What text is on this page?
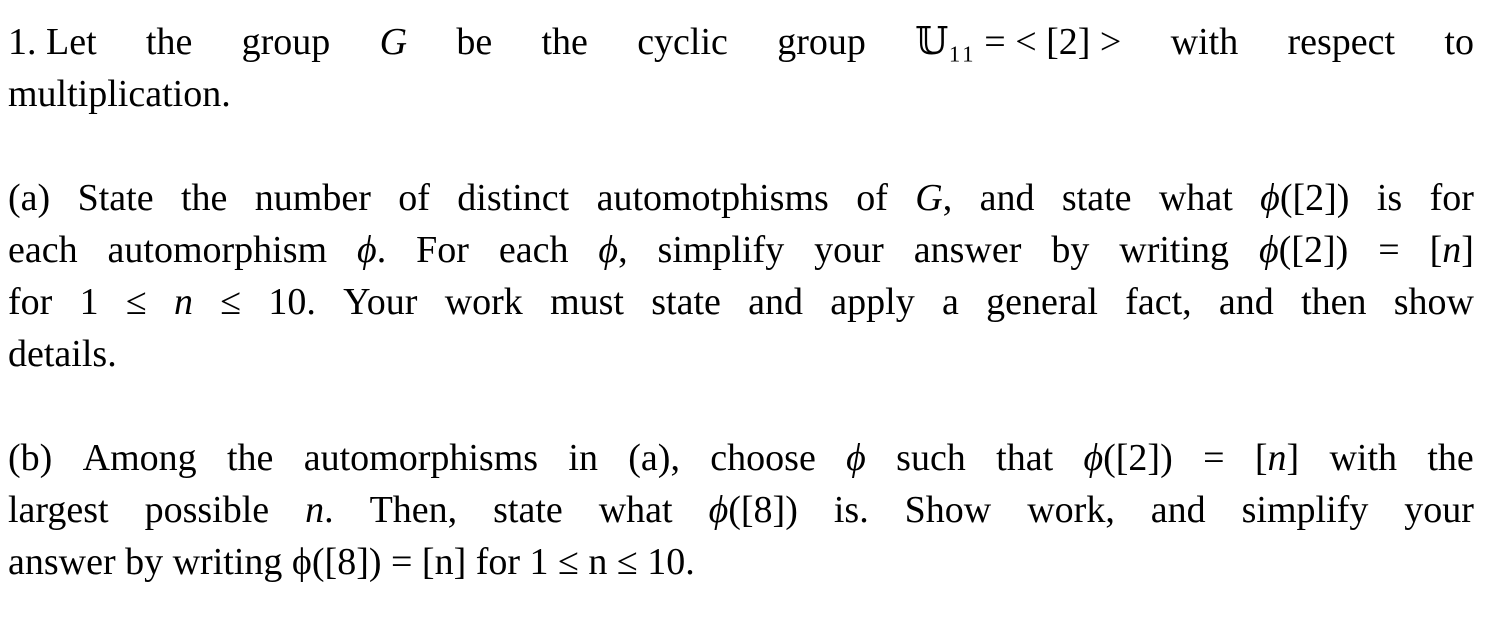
1. Let the group G be the cyclic group 𝕌₁₁ = < [2] > with respect to
multiplication.
(a) State the number of distinct automotphisms of G, and state what ϕ([2]) is for
each automorphism ϕ. For each ϕ, simplify your answer by writing ϕ([2]) = [n]
for 1 ≤ n ≤ 10. Your work must state and apply a general fact, and then show
details.
(b) Among the automorphisms in (a), choose ϕ such that ϕ([2]) = [n] with the
largest possible n. Then, state what ϕ([8]) is. Show work, and simplify your
answer by writing ϕ([8]) = [n] for 1 ≤ n ≤ 10.
